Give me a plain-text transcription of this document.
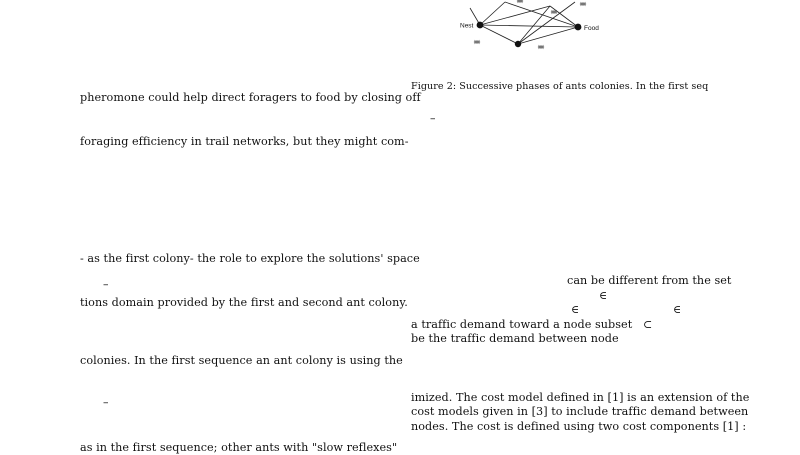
Nest	Food
Figure 2: Successive phases of ants colonies. In the first seq
pheromone could help direct foragers to food by closing off
foraging efficiency in trail networks, but they might com-
- as the first colony- the role to explore the solutions' space
–
tions domain provided by the first and second ant colony.
colonies. In the first sequence an ant colony is using the
–
as in the first sequence; other ants with "slow reflexes"
–
can be different from the set
∈
∈	∈
a traffic demand toward a node subset ⊂
be the traffic demand between node
imized. The cost model defined in [1] is an extension of the
cost models given in [3] to include traffic demand between
nodes. The cost is defined using two cost components [1] :
